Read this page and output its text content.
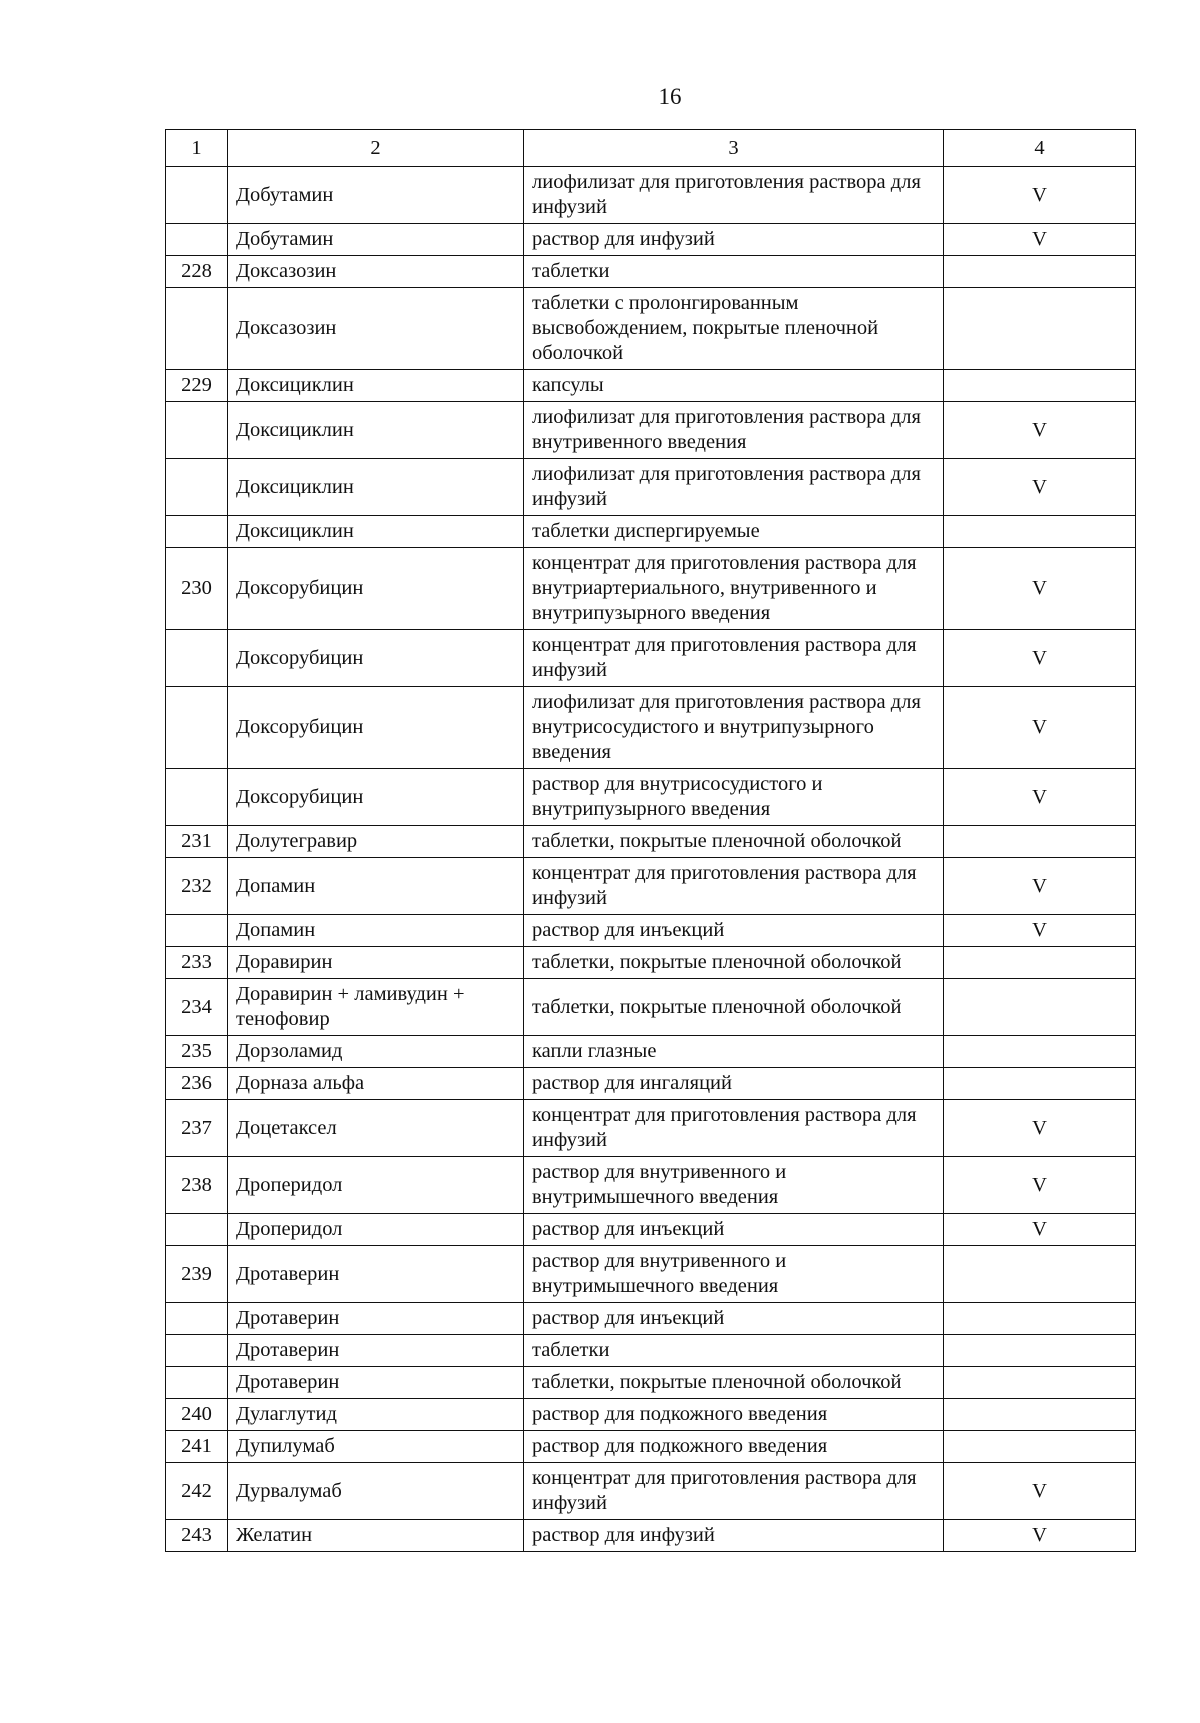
16
1	2	3	4
	Добутамин	лиофилизат для приготовления раствора для инфузий	V
	Добутамин	раствор для инфузий	V
228	Доксазозин	таблетки	
	Доксазозин	таблетки с пролонгированным высвобождением, покрытые пленочной оболочкой	
229	Доксициклин	капсулы	
	Доксициклин	лиофилизат для приготовления раствора для внутривенного введения	V
	Доксициклин	лиофилизат для приготовления раствора для инфузий	V
	Доксициклин	таблетки диспергируемые	
230	Доксорубицин	концентрат для приготовления раствора для внутриартериального, внутривенного и внутрипузырного введения	V
	Доксорубицин	концентрат для приготовления раствора для инфузий	V
	Доксорубицин	лиофилизат для приготовления раствора для внутрисосудистого и внутрипузырного введения	V
	Доксорубицин	раствор для внутрисосудистого и внутрипузырного введения	V
231	Долутегравир	таблетки, покрытые пленочной оболочкой	
232	Допамин	концентрат для приготовления раствора для инфузий	V
	Допамин	раствор для инъекций	V
233	Доравирин	таблетки, покрытые пленочной оболочкой	
234	Доравирин + ламивудин + тенофовир	таблетки, покрытые пленочной оболочкой	
235	Дорзоламид	капли глазные	
236	Дорназа альфа	раствор для ингаляций	
237	Доцетаксел	концентрат для приготовления раствора для инфузий	V
238	Дроперидол	раствор для внутривенного и внутримышечного введения	V
	Дроперидол	раствор для инъекций	V
239	Дротаверин	раствор для внутривенного и внутримышечного введения	
	Дротаверин	раствор для инъекций	
	Дротаверин	таблетки	
	Дротаверин	таблетки, покрытые пленочной оболочкой	
240	Дулаглутид	раствор для подкожного введения	
241	Дупилумаб	раствор для подкожного введения	
242	Дурвалумаб	концентрат для приготовления раствора для инфузий	V
243	Желатин	раствор для инфузий	V
